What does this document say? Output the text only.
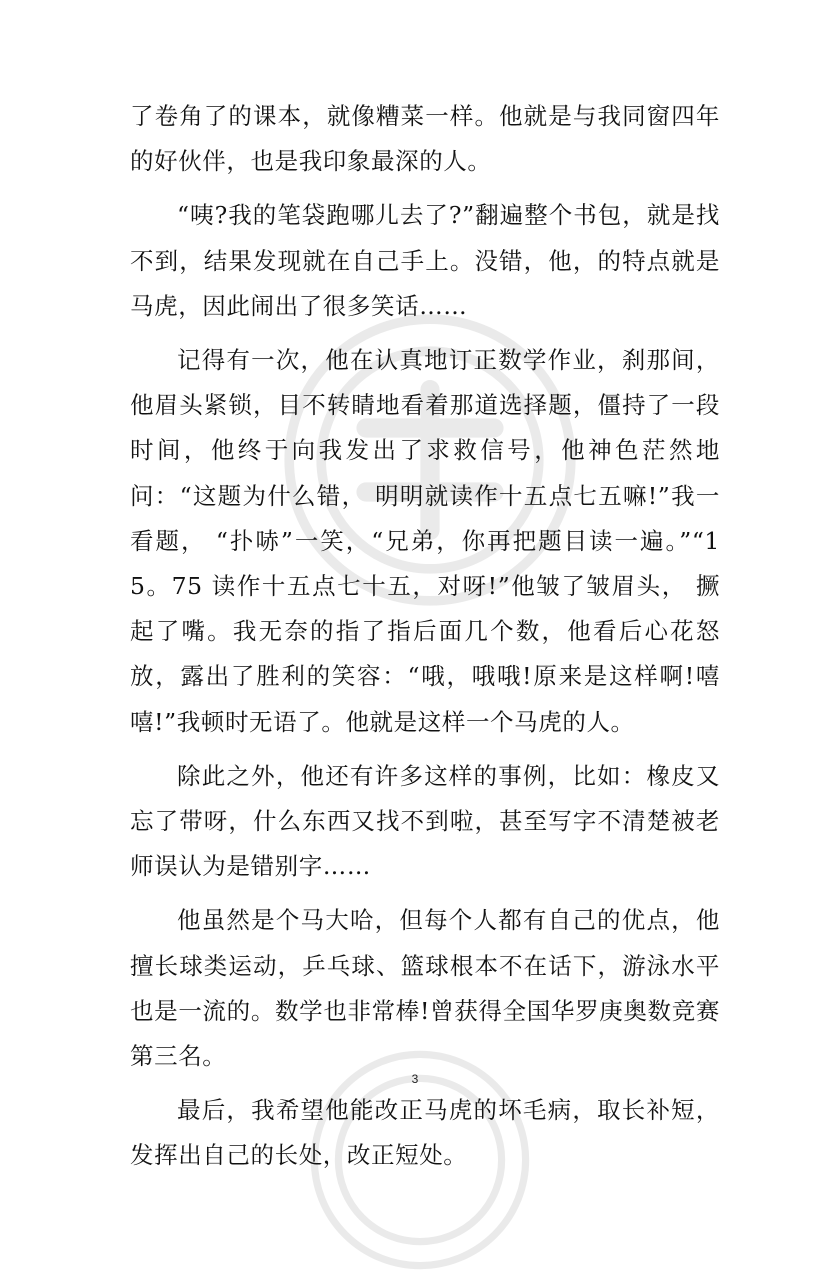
了卷角了的课本，就像糟菜一样。他就是与我同窗四年的好伙伴，也是我印象最深的人。

“咦?我的笔袋跑哪儿去了?”翻遍整个书包，就是找不到，结果发现就在自己手上。没错，他，的特点就是马虎，因此闹出了很多笑话……

记得有一次，他在认真地订正数学作业，刹那间，他眉头紧锁，目不转睛地看着那道选择题，僵持了一段时间，他终于向我发出了求救信号，他神色茫然地问：“这题为什么错， 明明就读作十五点七五嘛!”我一看题， “扑哧”一笑，“兄弟，你再把题目读一遍。”“15。75 读作十五点七十五，对呀!”他皱了皱眉头， 撅起了嘴。我无奈的指了指后面几个数，他看后心花怒放，露出了胜利的笑容：“哦，哦哦!原来是这样啊!嘻嘻!”我顿时无语了。他就是这样一个马虎的人。

除此之外，他还有许多这样的事例，比如：橡皮又忘了带呀，什么东西又找不到啦，甚至写字不清楚被老师误认为是错别字……

他虽然是个马大哈，但每个人都有自己的优点，他擅长球类运动，乒乓球、篮球根本不在话下，游泳水平也是一流的。数学也非常棒!曾获得全国华罗庚奥数竞赛第三名。

最后，我希望他能改正马虎的坏毛病，取长补短，发挥出自己的长处，改正短处。

3
